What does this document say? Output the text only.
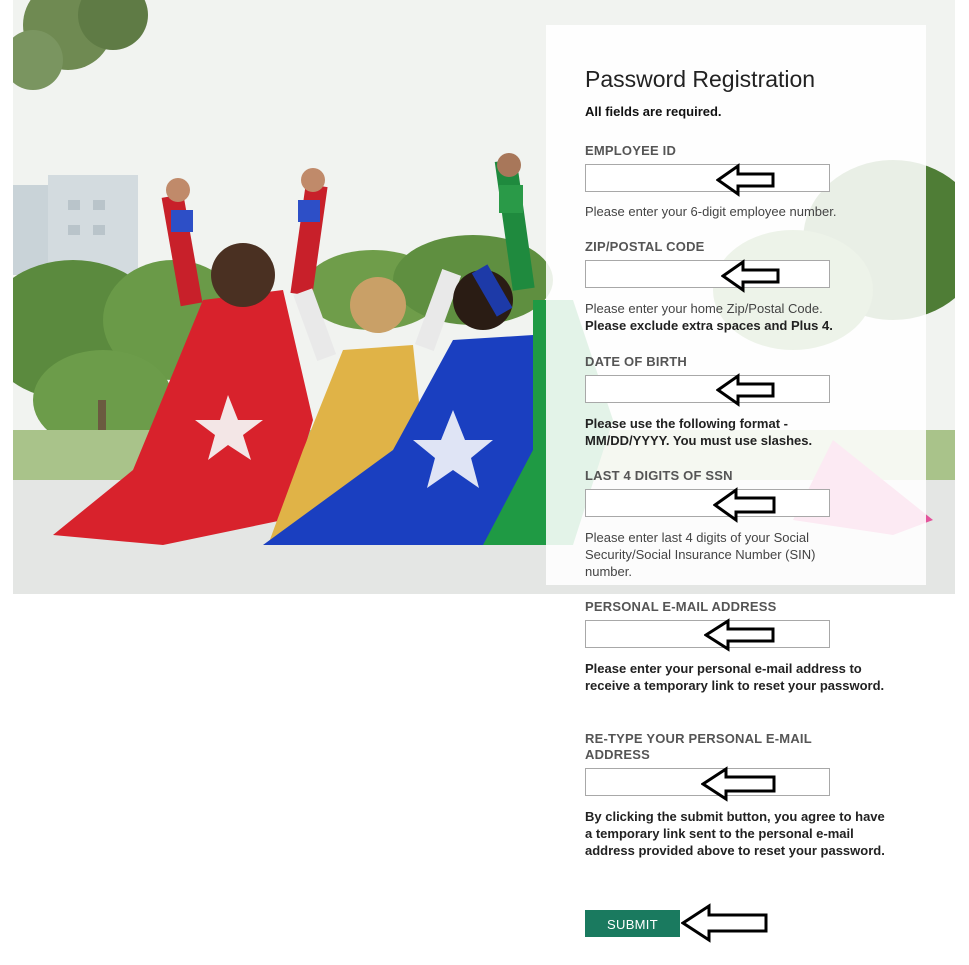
Password Registration
All fields are required.
EMPLOYEE ID
Please enter your 6-digit employee number.
ZIP/POSTAL CODE
Please enter your home Zip/Postal Code.
Please exclude extra spaces and Plus 4.
DATE OF BIRTH
Please use the following format - MM/DD/YYYY. You must use slashes.
LAST 4 DIGITS OF SSN
Please enter last 4 digits of your Social Security/Social Insurance Number (SIN) number.
PERSONAL E-MAIL ADDRESS
Please enter your personal e-mail address to receive a temporary link to reset your password.
RE-TYPE YOUR PERSONAL E-MAIL ADDRESS
By clicking the submit button, you agree to have a temporary link sent to the personal e-mail address provided above to reset your password.
SUBMIT
